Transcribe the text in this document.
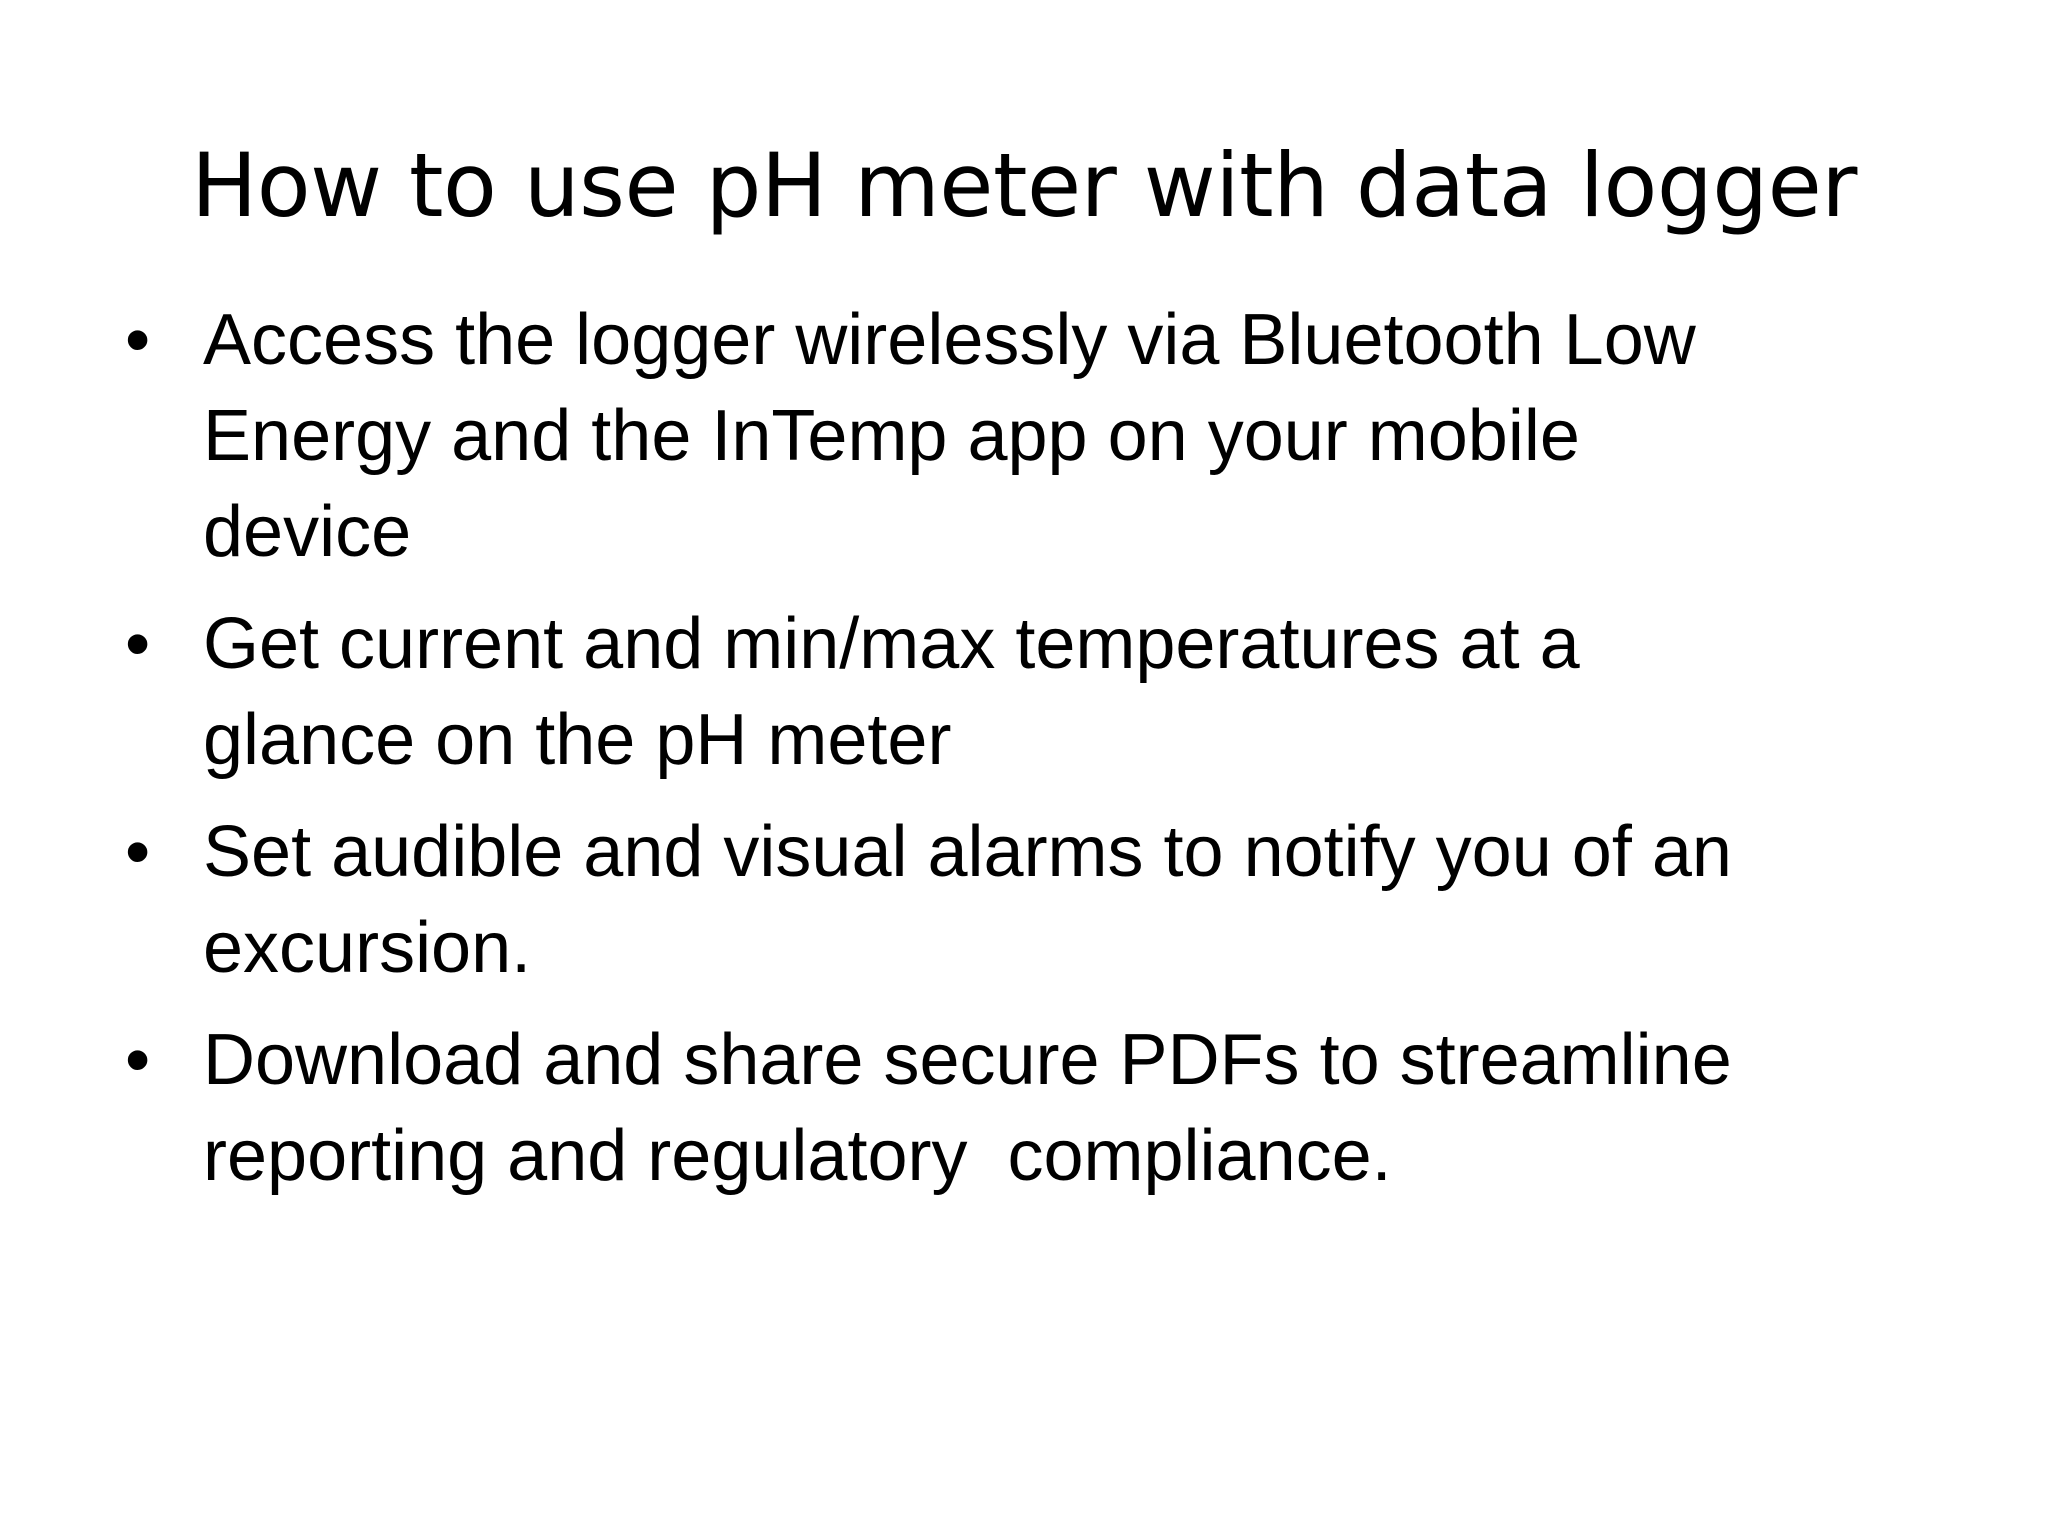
How to use pH meter with data logger
• Access the logger wirelessly via Bluetooth Low
Energy and the InTemp app on your mobile
device
• Get current and min/max temperatures at a
glance on the pH meter
• Set audible and visual alarms to notify you of an
excursion.
• Download and share secure PDFs to streamline
reporting and regulatory  compliance.
